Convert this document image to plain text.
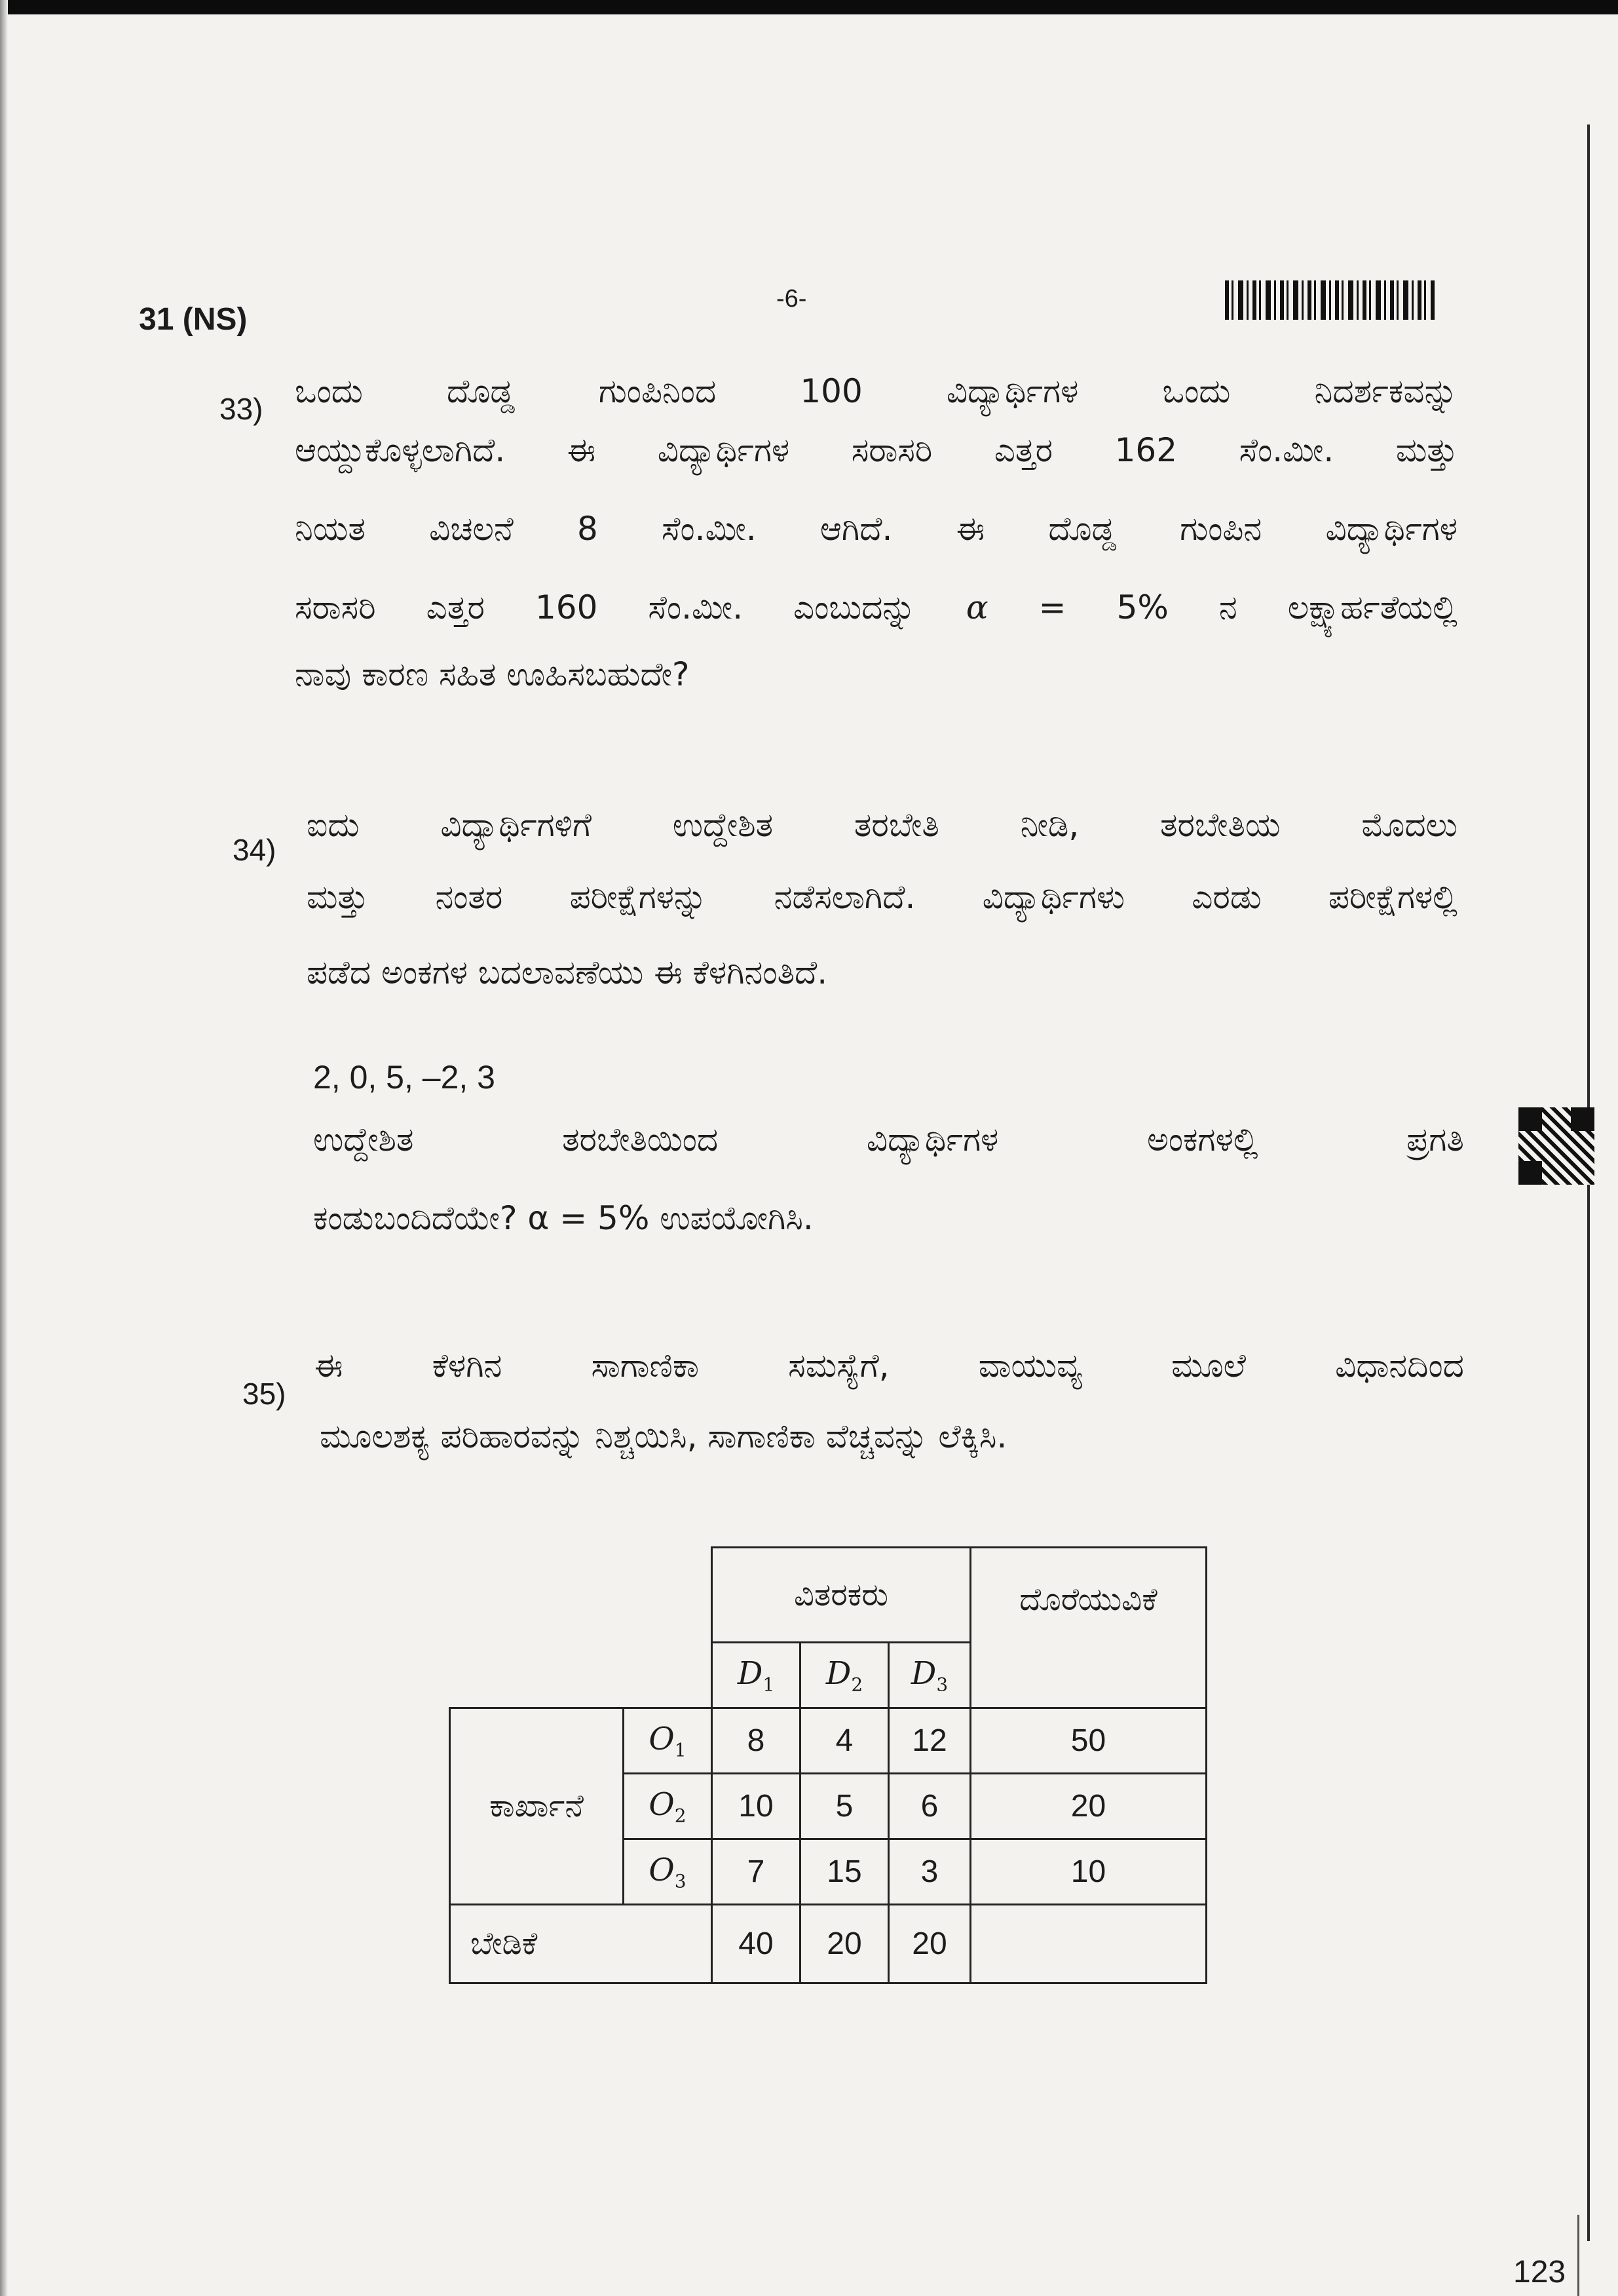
31 (NS)
-6-
33) ಒಂದು	ದೊಡ್ಡ	ಗುಂಪಿನಿಂದ	100	ವಿದ್ಯಾರ್ಥಿಗಳ	ಒಂದು	ನಿದರ್ಶಕವನ್ನು
ಆಯ್ದುಕೊಳ್ಳಲಾಗಿದೆ. ಈ ವಿದ್ಯಾರ್ಥಿಗಳ ಸರಾಸರಿ ಎತ್ತರ 162 ಸೆಂ.ಮೀ. ಮತ್ತು
ನಿಯತ ವಿಚಲನೆ 8 ಸೆಂ.ಮೀ. ಆಗಿದೆ. ಈ ದೊಡ್ಡ ಗುಂಪಿನ ವಿದ್ಯಾರ್ಥಿಗಳ
ಸರಾಸರಿ ಎತ್ತರ 160 ಸೆಂ.ಮೀ. ಎಂಬುದನ್ನು α = 5% ನ ಲಕ್ಷ್ಯಾರ್ಹತೆಯಲ್ಲಿ
ನಾವು ಕಾರಣ ಸಹಿತ ಊಹಿಸಬಹುದೇ?
34)
ಐದು ವಿದ್ಯಾರ್ಥಿಗಳಿಗೆ ಉದ್ದೇಶಿತ ತರಬೇತಿ ನೀಡಿ, ತರಬೇತಿಯ ಮೊದಲು
ಮತ್ತು ನಂತರ ಪರೀಕ್ಷೆಗಳನ್ನು ನಡೆಸಲಾಗಿದೆ. ವಿದ್ಯಾರ್ಥಿಗಳು ಎರಡು ಪರೀಕ್ಷೆಗಳಲ್ಲಿ
ಪಡೆದ ಅಂಕಗಳ ಬದಲಾವಣೆಯು ಈ ಕೆಳಗಿನಂತಿದೆ.
2, 0, 5, –2, 3
ಉದ್ದೇಶಿತ	ತರಬೇತಿಯಿಂದ	ವಿದ್ಯಾರ್ಥಿಗಳ	ಅಂಕಗಳಲ್ಲಿ	ಪ್ರಗತಿ
ಕಂಡುಬಂದಿದೆಯೇ? α = 5% ಉಪಯೋಗಿಸಿ.
35)
ಈ	ಕೆಳಗಿನ	ಸಾಗಾಣಿಕಾ	ಸಮಸ್ಯೆಗೆ,	ವಾಯುವ್ಯ	ಮೂಲೆ	ವಿಧಾನದಿಂದ
ಮೂಲಶಕ್ಯ ಪರಿಹಾರವನ್ನು ನಿಶ್ಚಯಿಸಿ, ಸಾಗಾಣಿಕಾ ವೆಚ್ಚವನ್ನು ಲೆಕ್ಕಿಸಿ.
		ವಿತರಕರು			ದೊರೆಯುವಿಕೆ
		$D_1$	$D_2$	$D_3$
ಕಾರ್ಖಾನೆ	$O_1$	8	4	12	50
	$O_2$	10	5	6	20
	$O_3$	7	15	3	10
ಬೇಡಿಕೆ		40	20	20	
123
